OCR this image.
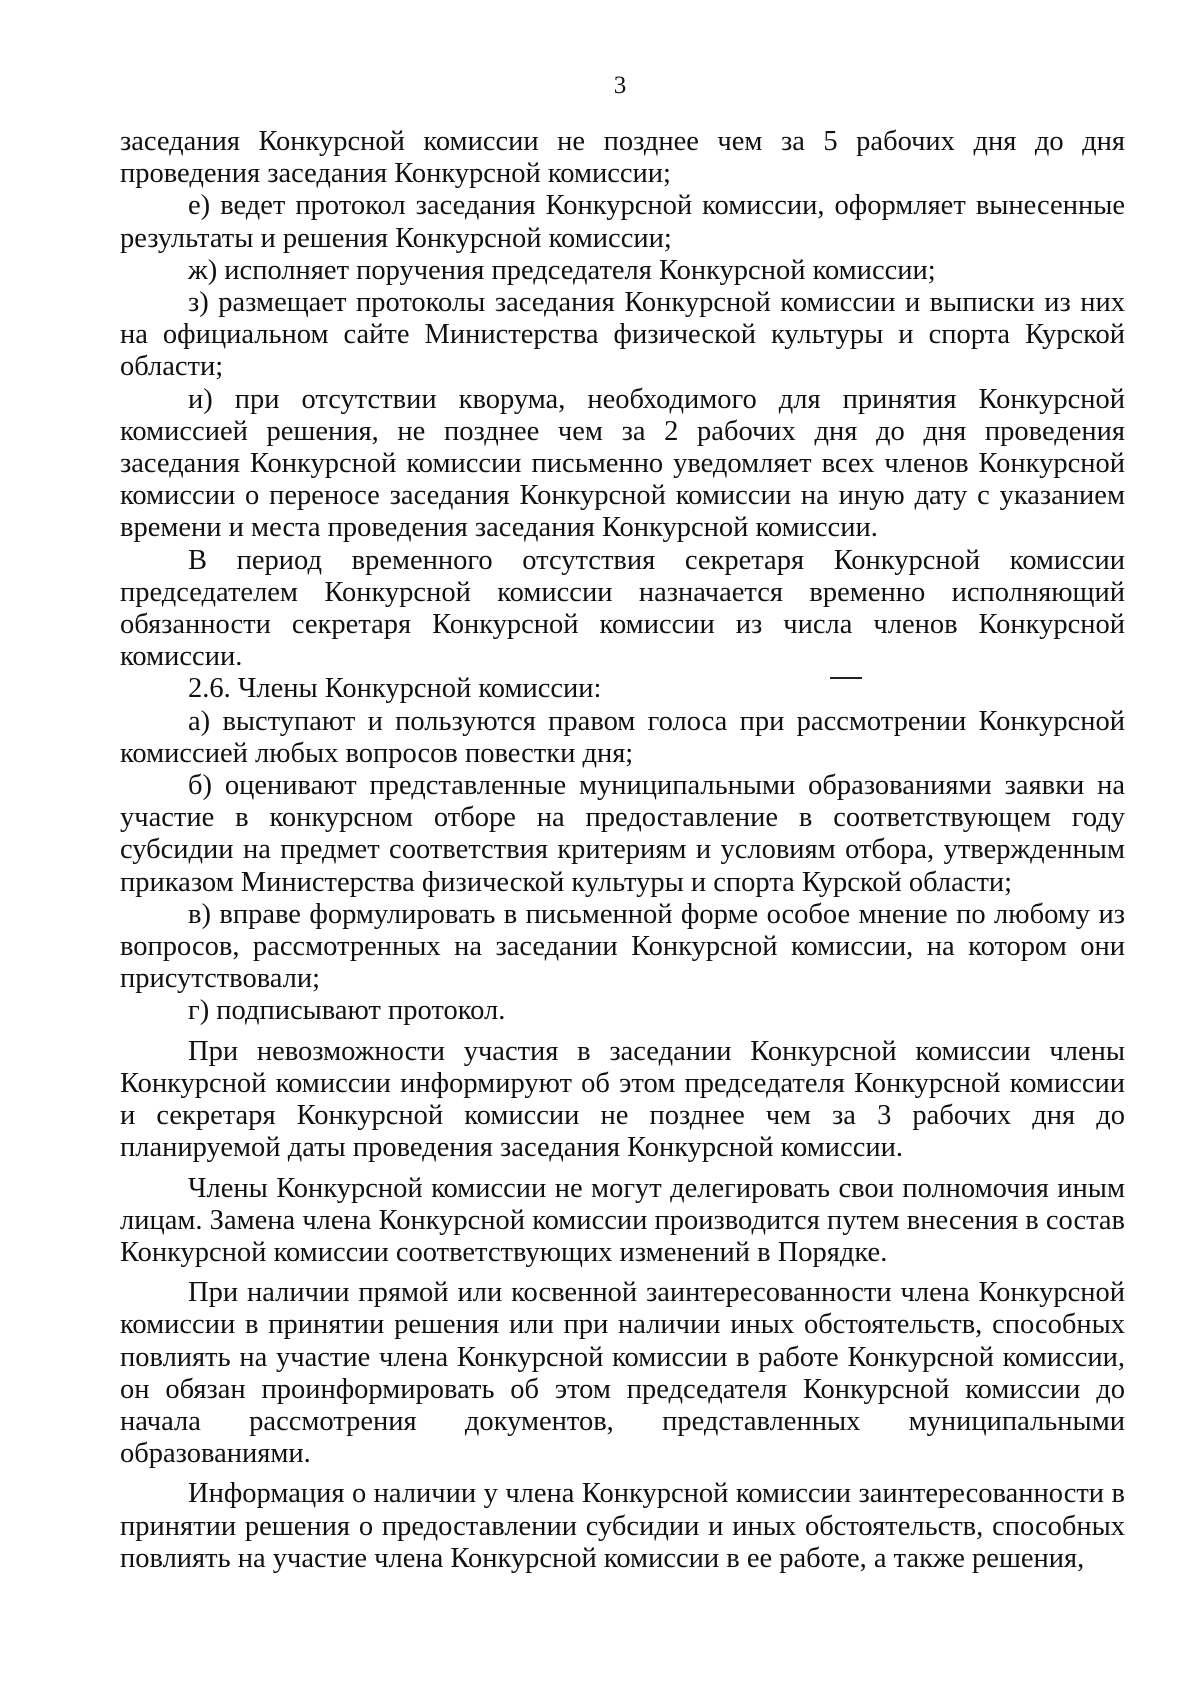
3

заседания Конкурсной комиссии не позднее чем за 5 рабочих дня до дня проведения заседания Конкурсной комиссии;

е) ведет протокол заседания Конкурсной комиссии, оформляет вынесенные результаты и решения Конкурсной комиссии;

ж) исполняет поручения председателя Конкурсной комиссии;

з) размещает протоколы заседания Конкурсной комиссии и выписки из них на официальном сайте Министерства физической культуры и спорта Курской области;

и) при отсутствии кворума, необходимого для принятия Конкурсной комиссией решения, не позднее чем за 2 рабочих дня до дня проведения заседания Конкурсной комиссии письменно уведомляет всех членов Конкурсной комиссии о переносе заседания Конкурсной комиссии на иную дату с указанием времени и места проведения заседания Конкурсной комиссии.

В период временного отсутствия секретаря Конкурсной комиссии председателем Конкурсной комиссии назначается временно исполняющий обязанности секретаря Конкурсной комиссии из числа членов Конкурсной комиссии.

2.6. Члены Конкурсной комиссии:

а) выступают и пользуются правом голоса при рассмотрении Конкурсной комиссией любых вопросов повестки дня;

б) оценивают представленные муниципальными образованиями заявки на участие в конкурсном отборе на предоставление в соответствующем году субсидии на предмет соответствия критериям и условиям отбора, утвержденным приказом Министерства физической культуры и спорта Курской области;

в) вправе формулировать в письменной форме особое мнение по любому из вопросов, рассмотренных на заседании Конкурсной комиссии, на котором они присутствовали;

г) подписывают протокол.

При невозможности участия в заседании Конкурсной комиссии члены Конкурсной комиссии информируют об этом председателя Конкурсной комиссии и секретаря Конкурсной комиссии не позднее чем за 3 рабочих дня до планируемой даты проведения заседания Конкурсной комиссии.

Члены Конкурсной комиссии не могут делегировать свои полномочия иным лицам. Замена члена Конкурсной комиссии производится путем внесения в состав Конкурсной комиссии соответствующих изменений в Порядке.

При наличии прямой или косвенной заинтересованности члена Конкурсной комиссии в принятии решения или при наличии иных обстоятельств, способных повлиять на участие члена Конкурсной комиссии в работе Конкурсной комиссии, он обязан проинформировать об этом председателя Конкурсной комиссии до начала рассмотрения документов, представленных муниципальными образованиями.

Информация о наличии у члена Конкурсной комиссии заинтересованности в принятии решения о предоставлении субсидии и иных обстоятельств, способных повлиять на участие члена Конкурсной комиссии в ее работе, а также решения,
